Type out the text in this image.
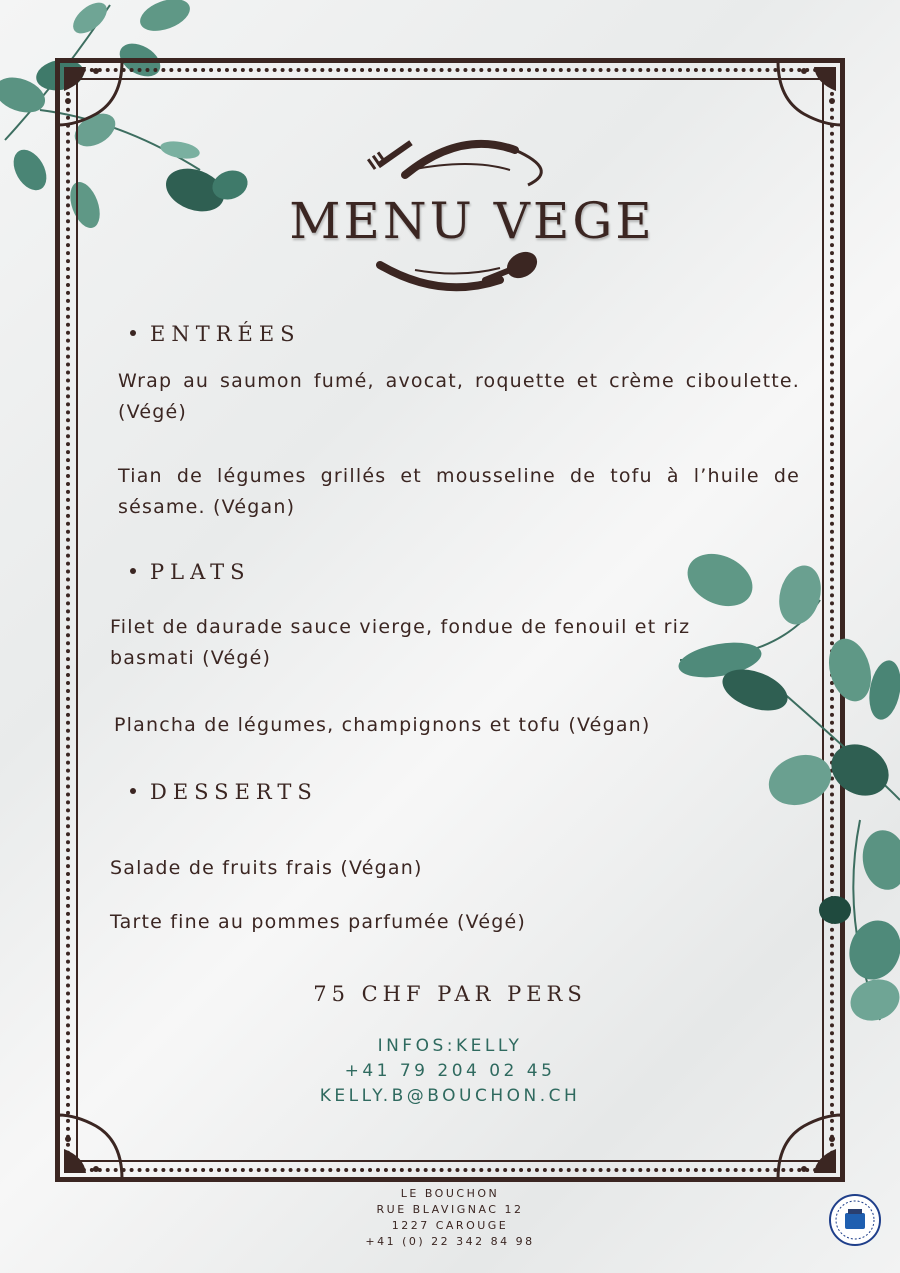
MENU VEGE
ENTRÉES
Wrap au saumon fumé, avocat, roquette et crème ciboulette. (Végé)
Tian de légumes grillés et mousseline de tofu à l’huile de sésame. (Végan)
PLATS
Filet de daurade sauce vierge, fondue de fenouil et riz basmati (Végé)
Plancha de légumes, champignons et tofu (Végan)
DESSERTS
Salade de fruits frais (Végan)
Tarte fine au pommes parfumée (Végé)
75 CHF PAR PERS
INFOS:KELLY
+41 79 204 02 45
KELLY.B@BOUCHON.CH
LE BOUCHON
RUE BLAVIGNAC 12
1227 CAROUGE
+41 (0) 22 342 84 98
